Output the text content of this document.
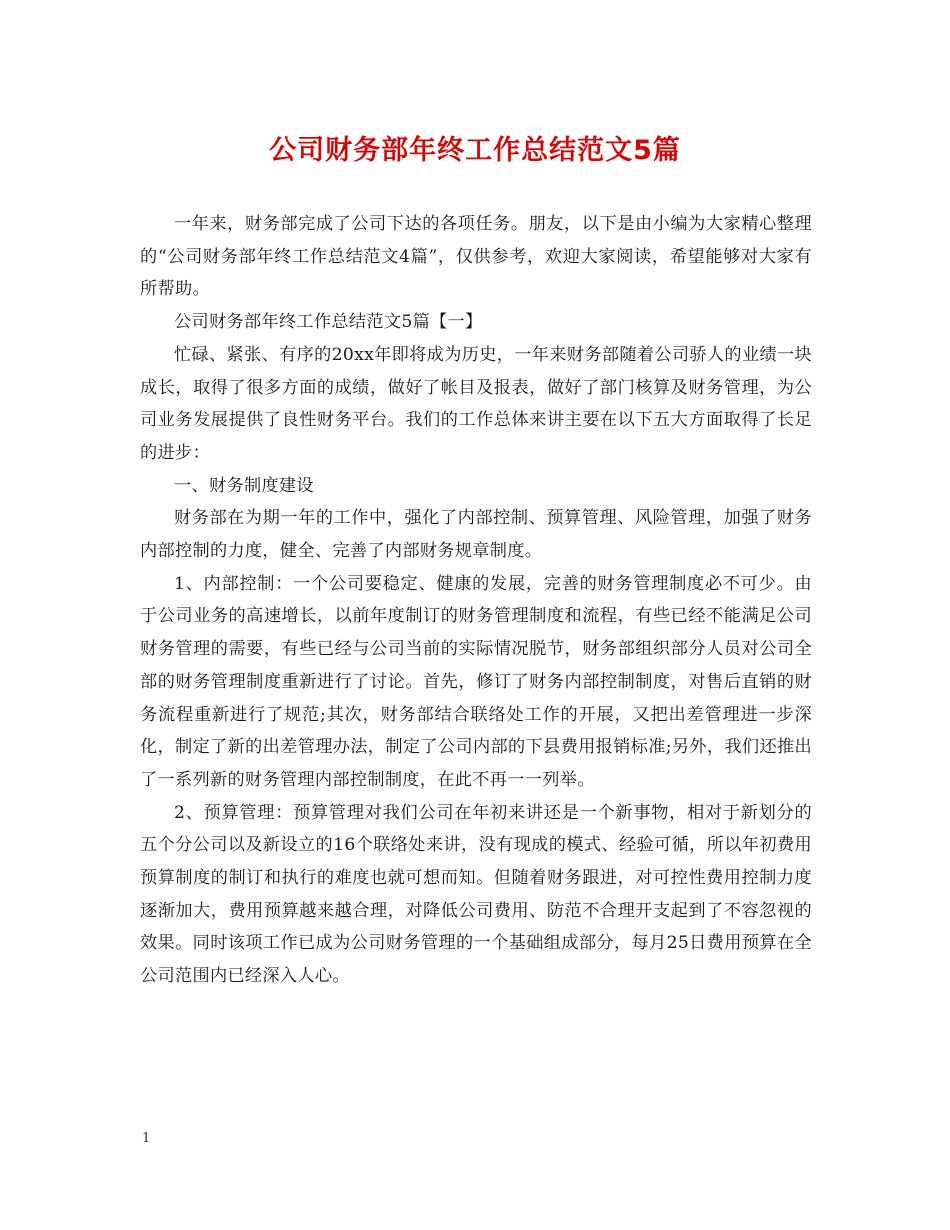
公司财务部年终工作总结范文5篇

一年来，财务部完成了公司下达的各项任务。朋友，以下是由小编为大家精心整理的“公司财务部年终工作总结范文4篇”，仅供参考，欢迎大家阅读，希望能够对大家有所帮助。

公司财务部年终工作总结范文5篇【一】

忙碌、紧张、有序的20xx年即将成为历史，一年来财务部随着公司骄人的业绩一块成长，取得了很多方面的成绩，做好了帐目及报表，做好了部门核算及财务管理，为公司业务发展提供了良性财务平台。我们的工作总体来讲主要在以下五大方面取得了长足的进步：

一、财务制度建设

财务部在为期一年的工作中，强化了内部控制、预算管理、风险管理，加强了财务内部控制的力度，健全、完善了内部财务规章制度。

1、内部控制：一个公司要稳定、健康的发展，完善的财务管理制度必不可少。由于公司业务的高速增长，以前年度制订的财务管理制度和流程，有些已经不能满足公司财务管理的需要，有些已经与公司当前的实际情况脱节，财务部组织部分人员对公司全部的财务管理制度重新进行了讨论。首先，修订了财务内部控制制度，对售后直销的财务流程重新进行了规范;其次，财务部结合联络处工作的开展，又把出差管理进一步深化，制定了新的出差管理办法，制定了公司内部的下县费用报销标准;另外，我们还推出了一系列新的财务管理内部控制制度，在此不再一一列举。

2、预算管理：预算管理对我们公司在年初来讲还是一个新事物，相对于新划分的五个分公司以及新设立的16个联络处来讲，没有现成的模式、经验可循，所以年初费用预算制度的制订和执行的难度也就可想而知。但随着财务跟进，对可控性费用控制力度逐渐加大，费用预算越来越合理，对降低公司费用、防范不合理开支起到了不容忽视的效果。同时该项工作已成为公司财务管理的一个基础组成部分，每月25日费用预算在全公司范围内已经深入人心。

1
